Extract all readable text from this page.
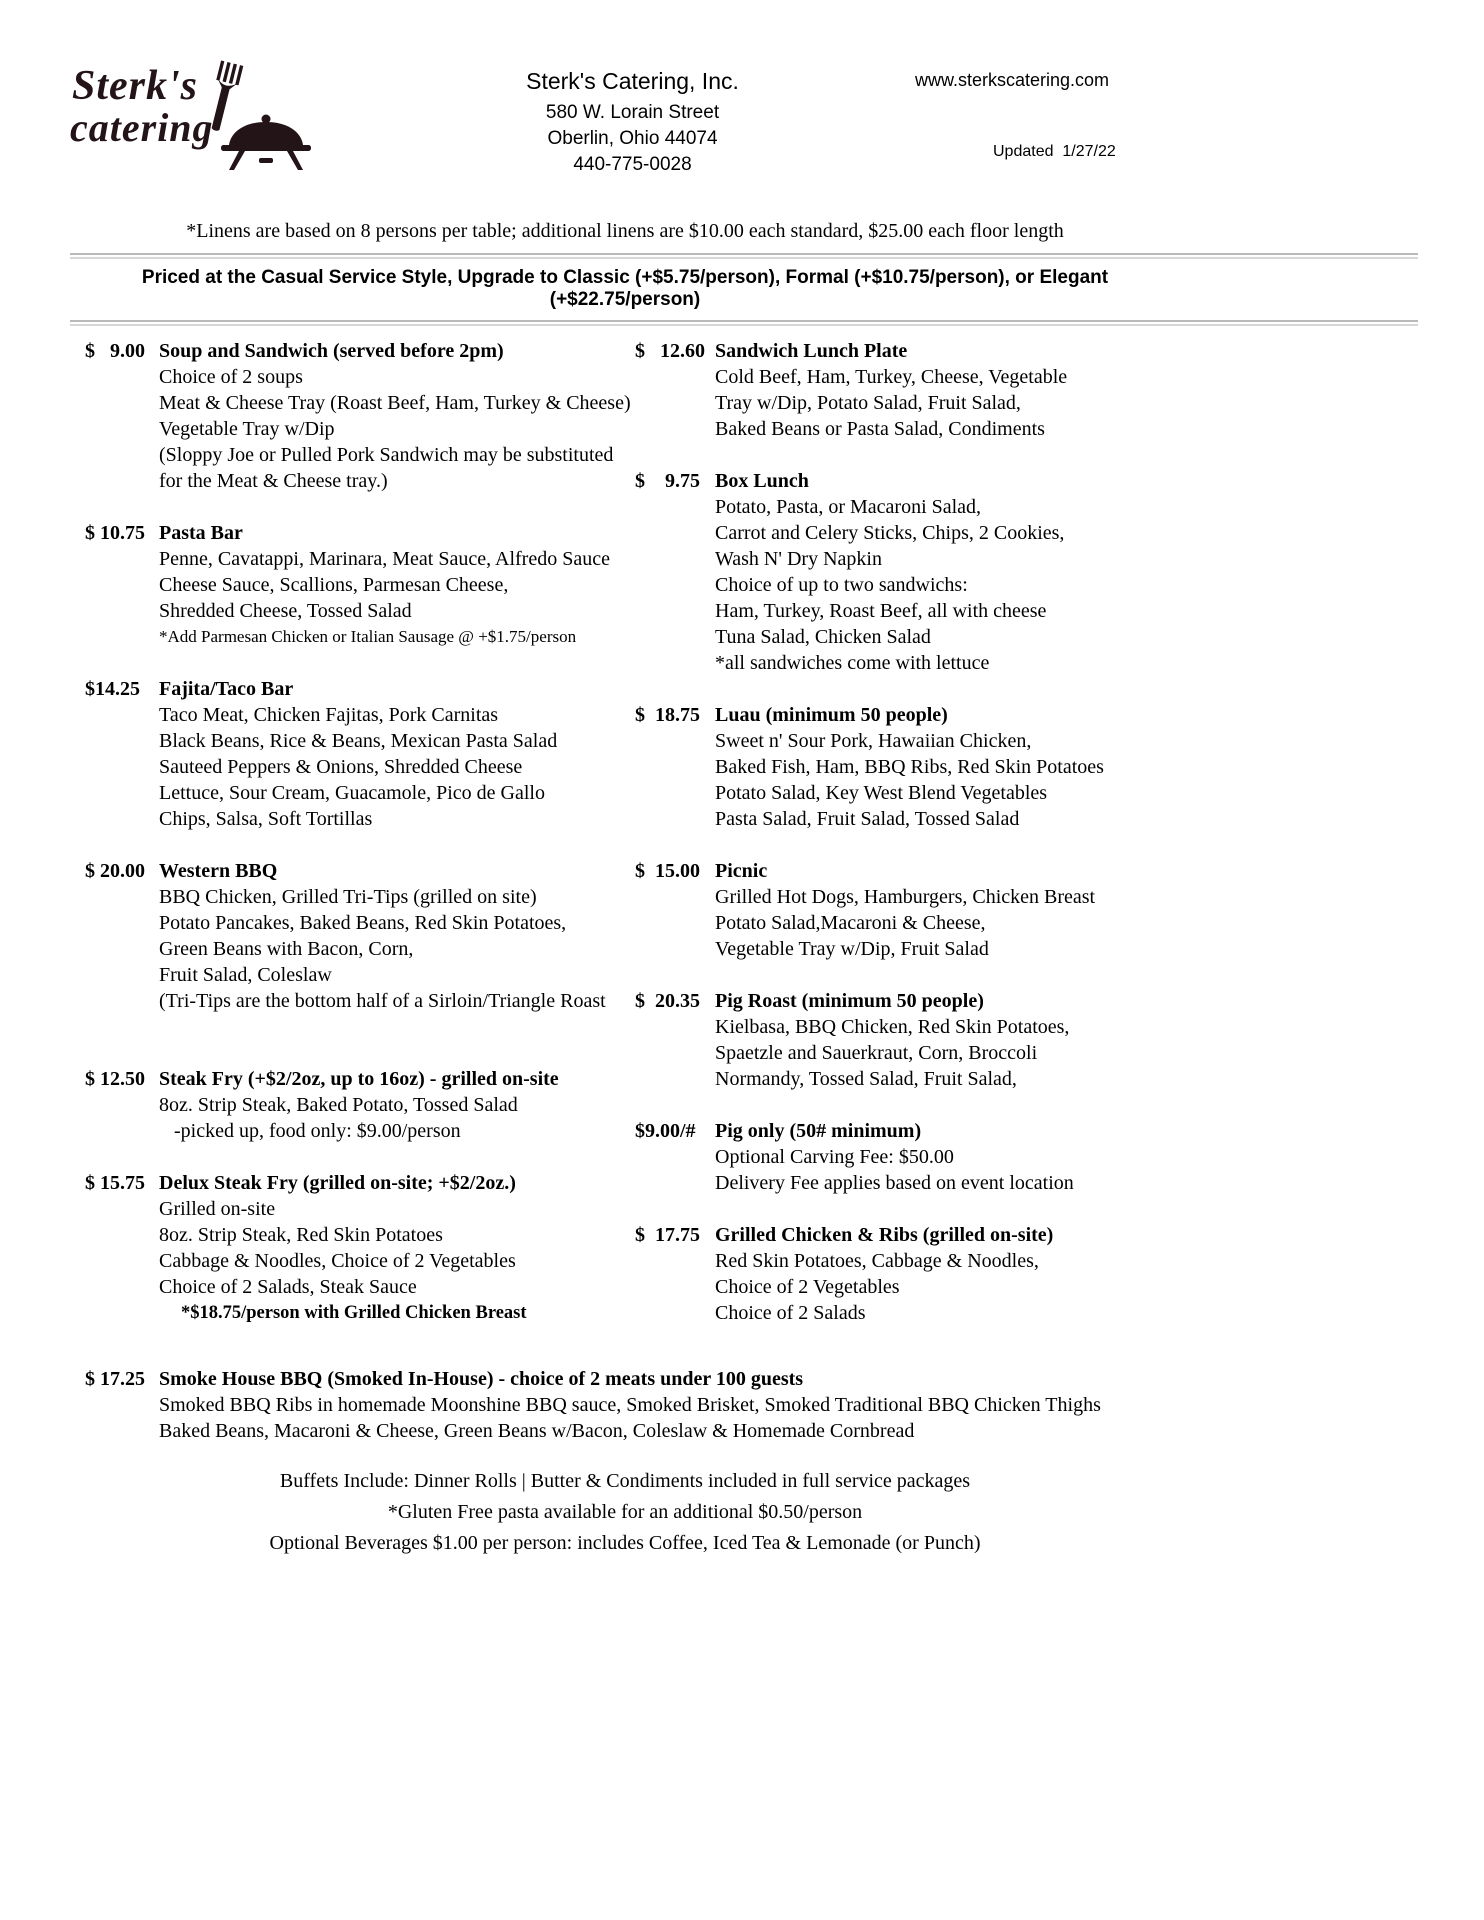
Sterk's
catering
Sterk's Catering, Inc.
580 W. Lorain Street
Oberlin, Ohio 44074
440-775-0028
www.sterkscatering.com
Updated  1/27/22
*Linens are based on 8 persons per table; additional linens are $10.00 each standard, $25.00 each floor length
Priced at the Casual Service Style, Upgrade to Classic (+$5.75/person), Formal (+$10.75/person), or Elegant (+$22.75/person)
$   9.00 Soup and Sandwich (served before 2pm)
Choice of 2 soups
Meat & Cheese Tray (Roast Beef, Ham, Turkey & Cheese)
Vegetable Tray w/Dip
(Sloppy Joe or Pulled Pork Sandwich may be substituted
for the Meat & Cheese tray.)
$ 10.75 Pasta Bar
Penne, Cavatappi, Marinara, Meat Sauce, Alfredo Sauce
Cheese Sauce, Scallions, Parmesan Cheese,
Shredded Cheese, Tossed Salad
*Add Parmesan Chicken or Italian Sausage @ +$1.75/person
$14.25 Fajita/Taco Bar
Taco Meat, Chicken Fajitas, Pork Carnitas
Black Beans, Rice & Beans, Mexican Pasta Salad
Sauteed Peppers & Onions, Shredded Cheese
Lettuce, Sour Cream, Guacamole, Pico de Gallo
Chips, Salsa, Soft Tortillas
$ 20.00 Western BBQ
BBQ Chicken, Grilled Tri-Tips (grilled on site)
Potato Pancakes, Baked Beans, Red Skin Potatoes,
Green Beans with Bacon, Corn,
Fruit Salad, Coleslaw
(Tri-Tips are the bottom half of a Sirloin/Triangle Roast
$ 12.50 Steak Fry (+$2/2oz, up to 16oz) - grilled on-site
8oz. Strip Steak, Baked Potato, Tossed Salad
-picked up, food only: $9.00/person
$ 15.75 Delux Steak Fry (grilled on-site; +$2/2oz.)
Grilled on-site
8oz. Strip Steak, Red Skin Potatoes
Cabbage & Noodles, Choice of 2 Vegetables
Choice of 2 Salads, Steak Sauce
*$18.75/person with Grilled Chicken Breast
$   12.60 Sandwich Lunch Plate
Cold Beef, Ham, Turkey, Cheese, Vegetable
Tray w/Dip, Potato Salad, Fruit Salad,
Baked Beans or Pasta Salad, Condiments
$    9.75 Box Lunch
Potato, Pasta, or Macaroni Salad,
Carrot and Celery Sticks, Chips, 2 Cookies,
Wash N' Dry Napkin
Choice of up to two sandwichs:
Ham, Turkey, Roast Beef, all with cheese
Tuna Salad, Chicken Salad
*all sandwiches come with lettuce
$  18.75 Luau (minimum 50 people)
Sweet n' Sour Pork, Hawaiian Chicken,
Baked Fish, Ham, BBQ Ribs, Red Skin Potatoes
Potato Salad, Key West Blend Vegetables
Pasta Salad, Fruit Salad, Tossed Salad
$  15.00 Picnic
Grilled Hot Dogs, Hamburgers, Chicken Breast
Potato Salad,Macaroni & Cheese,
Vegetable Tray w/Dip, Fruit Salad
$  20.35 Pig Roast (minimum 50 people)
Kielbasa, BBQ Chicken, Red Skin Potatoes,
Spaetzle and Sauerkraut, Corn, Broccoli
Normandy, Tossed Salad, Fruit Salad,
$9.00/# Pig only (50# minimum)
Optional Carving Fee: $50.00
Delivery Fee applies based on event location
$  17.75 Grilled Chicken & Ribs (grilled on-site)
Red Skin Potatoes, Cabbage & Noodles,
Choice of 2 Vegetables
Choice of 2 Salads
$ 17.25 Smoke House BBQ (Smoked In-House) - choice of 2 meats under 100 guests
Smoked BBQ Ribs in homemade Moonshine BBQ sauce, Smoked Brisket, Smoked Traditional BBQ Chicken Thighs
Baked Beans, Macaroni & Cheese, Green Beans w/Bacon, Coleslaw & Homemade Cornbread
Buffets Include: Dinner Rolls | Butter & Condiments included in full service packages
*Gluten Free pasta available for an additional $0.50/person
Optional Beverages $1.00 per person: includes Coffee, Iced Tea & Lemonade (or Punch)
